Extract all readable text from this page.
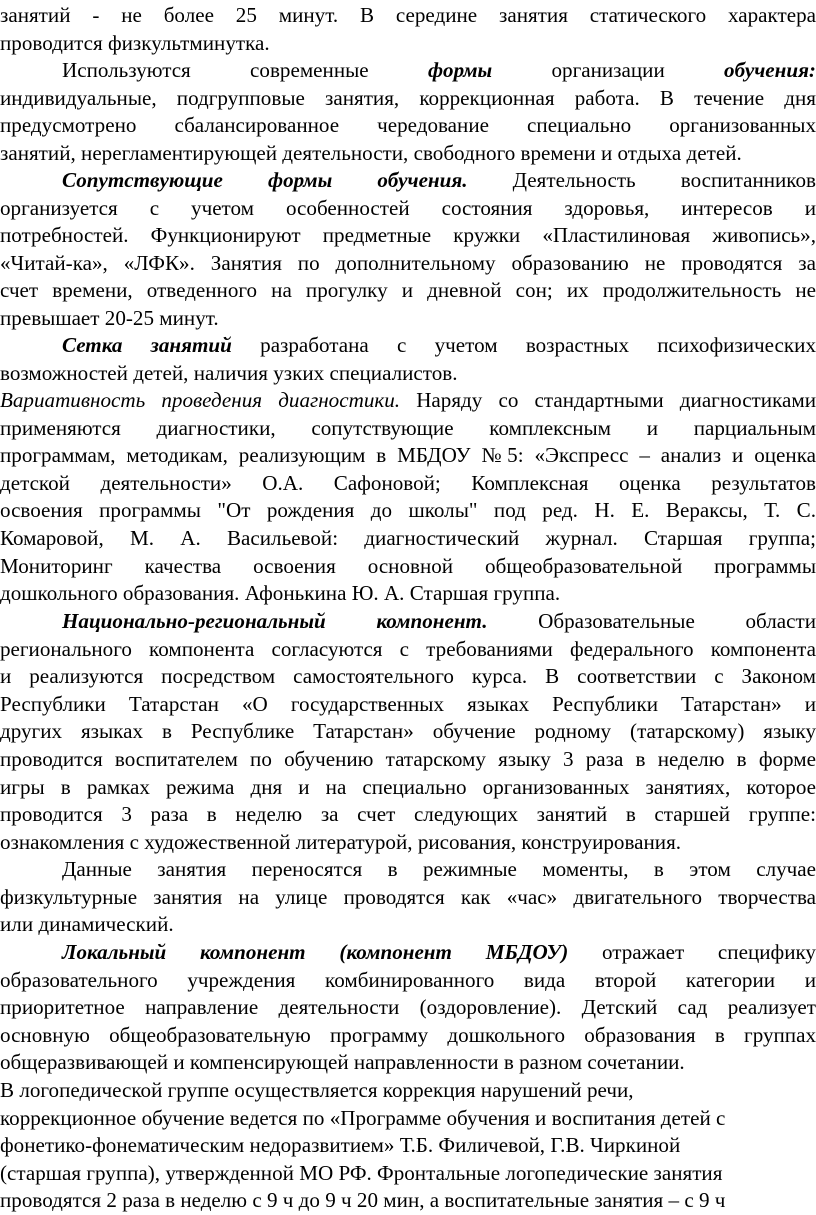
занятий - не более 25 минут. В середине занятия статического характера
проводится физкультминутка.
Используются современные	формы	организации	обучения:
индивидуальные, подгрупповые занятия, коррекционная работа. В течение дня
предусмотрено сбалансированное чередование специально организованных
занятий, нерегламентирующей деятельности, свободного времени и отдыха детей.
Сопутствующие формы обучения. Деятельность воспитанников
организуется с учетом особенностей состояния здоровья, интересов и
потребностей. Функционируют предметные кружки «Пластилиновая живопись»,
«Читай-ка», «ЛФК». Занятия по дополнительному образованию не проводятся за
счет времени, отведенного на прогулку и дневной сон; их продолжительность не
превышает 20-25 минут.
Сетка занятий разработана с учетом возрастных психофизических
возможностей детей, наличия узких специалистов.
Вариативность проведения диагностики. Наряду со стандартными диагностиками
применяются диагностики, сопутствующие комплексным и парциальным
программам, методикам, реализующим в МБДОУ №5: «Экспресс – анализ и оценка
детской деятельности» О.А. Сафоновой; Комплексная оценка результатов
освоения программы "От рождения до школы" под ред. Н. Е. Вераксы, Т. С.
Комаровой, М. А. Васильевой: диагностический журнал. Старшая группа;
Мониторинг качества освоения основной общеобразовательной программы
дошкольного образования. Афонькина Ю. А. Старшая группа.
Национально-региональный компонент. Образовательные области
регионального компонента согласуются с требованиями федерального компонента
и реализуются посредством самостоятельного курса. В соответствии с Законом
Республики Татарстан «О государственных языках Республики Татарстан» и
других языках в Республике Татарстан» обучение родному (татарскому) языку
проводится воспитателем по обучению татарскому языку 3 раза в неделю в форме
игры в рамках режима дня и на специально организованных занятиях, которое
проводится 3 раза в неделю за счет следующих занятий в старшей группе:
ознакомления с художественной литературой, рисования, конструирования.
Данные занятия переносятся в режимные моменты, в этом случае
физкультурные занятия на улице проводятся как «час» двигательного творчества
или динамический.
Локальный компонент (компонент МБДОУ) отражает специфику
образовательного учреждения комбинированного вида второй категории и
приоритетное направление деятельности (оздоровление). Детский сад реализует
основную общеобразовательную программу дошкольного образования в группах
общеразвивающей и компенсирующей направленности в разном сочетании.
В логопедической группе осуществляется коррекция нарушений речи,
коррекционное обучение ведется по «Программе обучения и воспитания детей с
фонетико-фонематическим недоразвитием» Т.Б. Филичевой, Г.В. Чиркиной
(старшая группа), утвержденной МО РФ. Фронтальные логопедические занятия
проводятся 2 раза в неделю с 9 ч до 9 ч 20 мин, а воспитательные занятия – с 9 ч
